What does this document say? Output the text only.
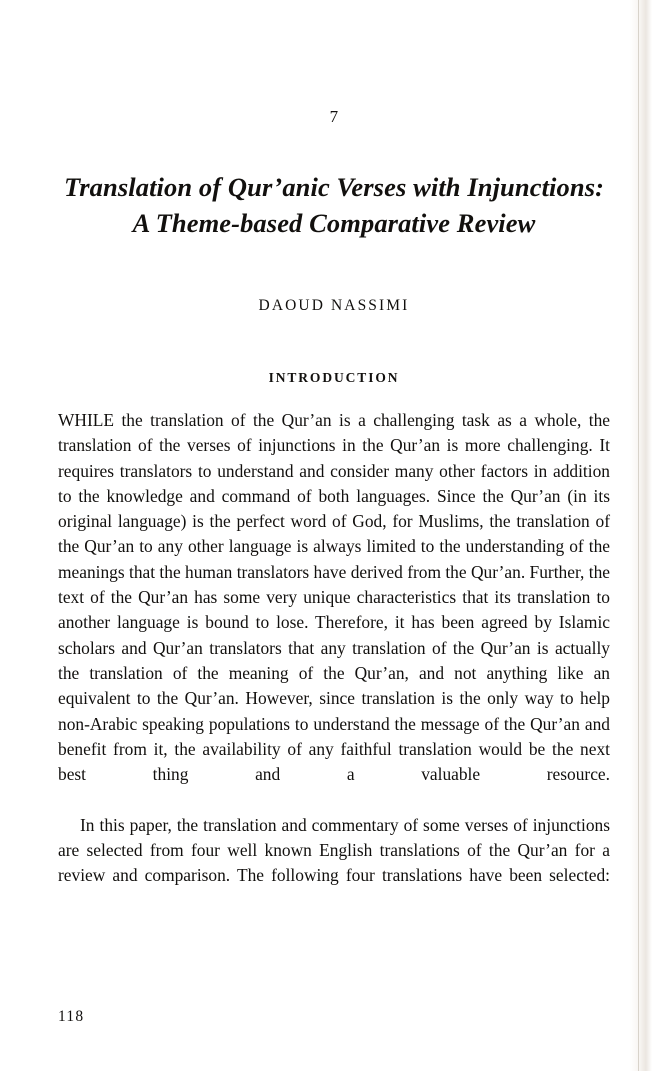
7
Translation of Qur’anic Verses with Injunctions:
A Theme-based Comparative Review
DAOUD NASSIMI
INTRODUCTION

WHILE the translation of the Qur’an is a challenging task as a whole, the translation of the verses of injunctions in the Qur’an is more challenging. It requires translators to understand and consider many other factors in addition to the knowledge and command of both languages. Since the Qur’an (in its original language) is the perfect word of God, for Muslims, the translation of the Qur’an to any other language is always limited to the understanding of the meanings that the human translators have derived from the Qur’an. Further, the text of the Qur’an has some very unique characteristics that its translation to another language is bound to lose. Therefore, it has been agreed by Islamic scholars and Qur’an translators that any translation of the Qur’an is actually the translation of the meaning of the Qur’an, and not anything like an equivalent to the Qur’an. However, since translation is the only way to help non-Arabic speaking populations to understand the message of the Qur’an and benefit from it, the availability of any faithful translation would be the next best thing and a valuable resource.

In this paper, the translation and commentary of some verses of injunctions are selected from four well known English translations of the Qur’an for a review and comparison. The following four translations have been selected:

118
